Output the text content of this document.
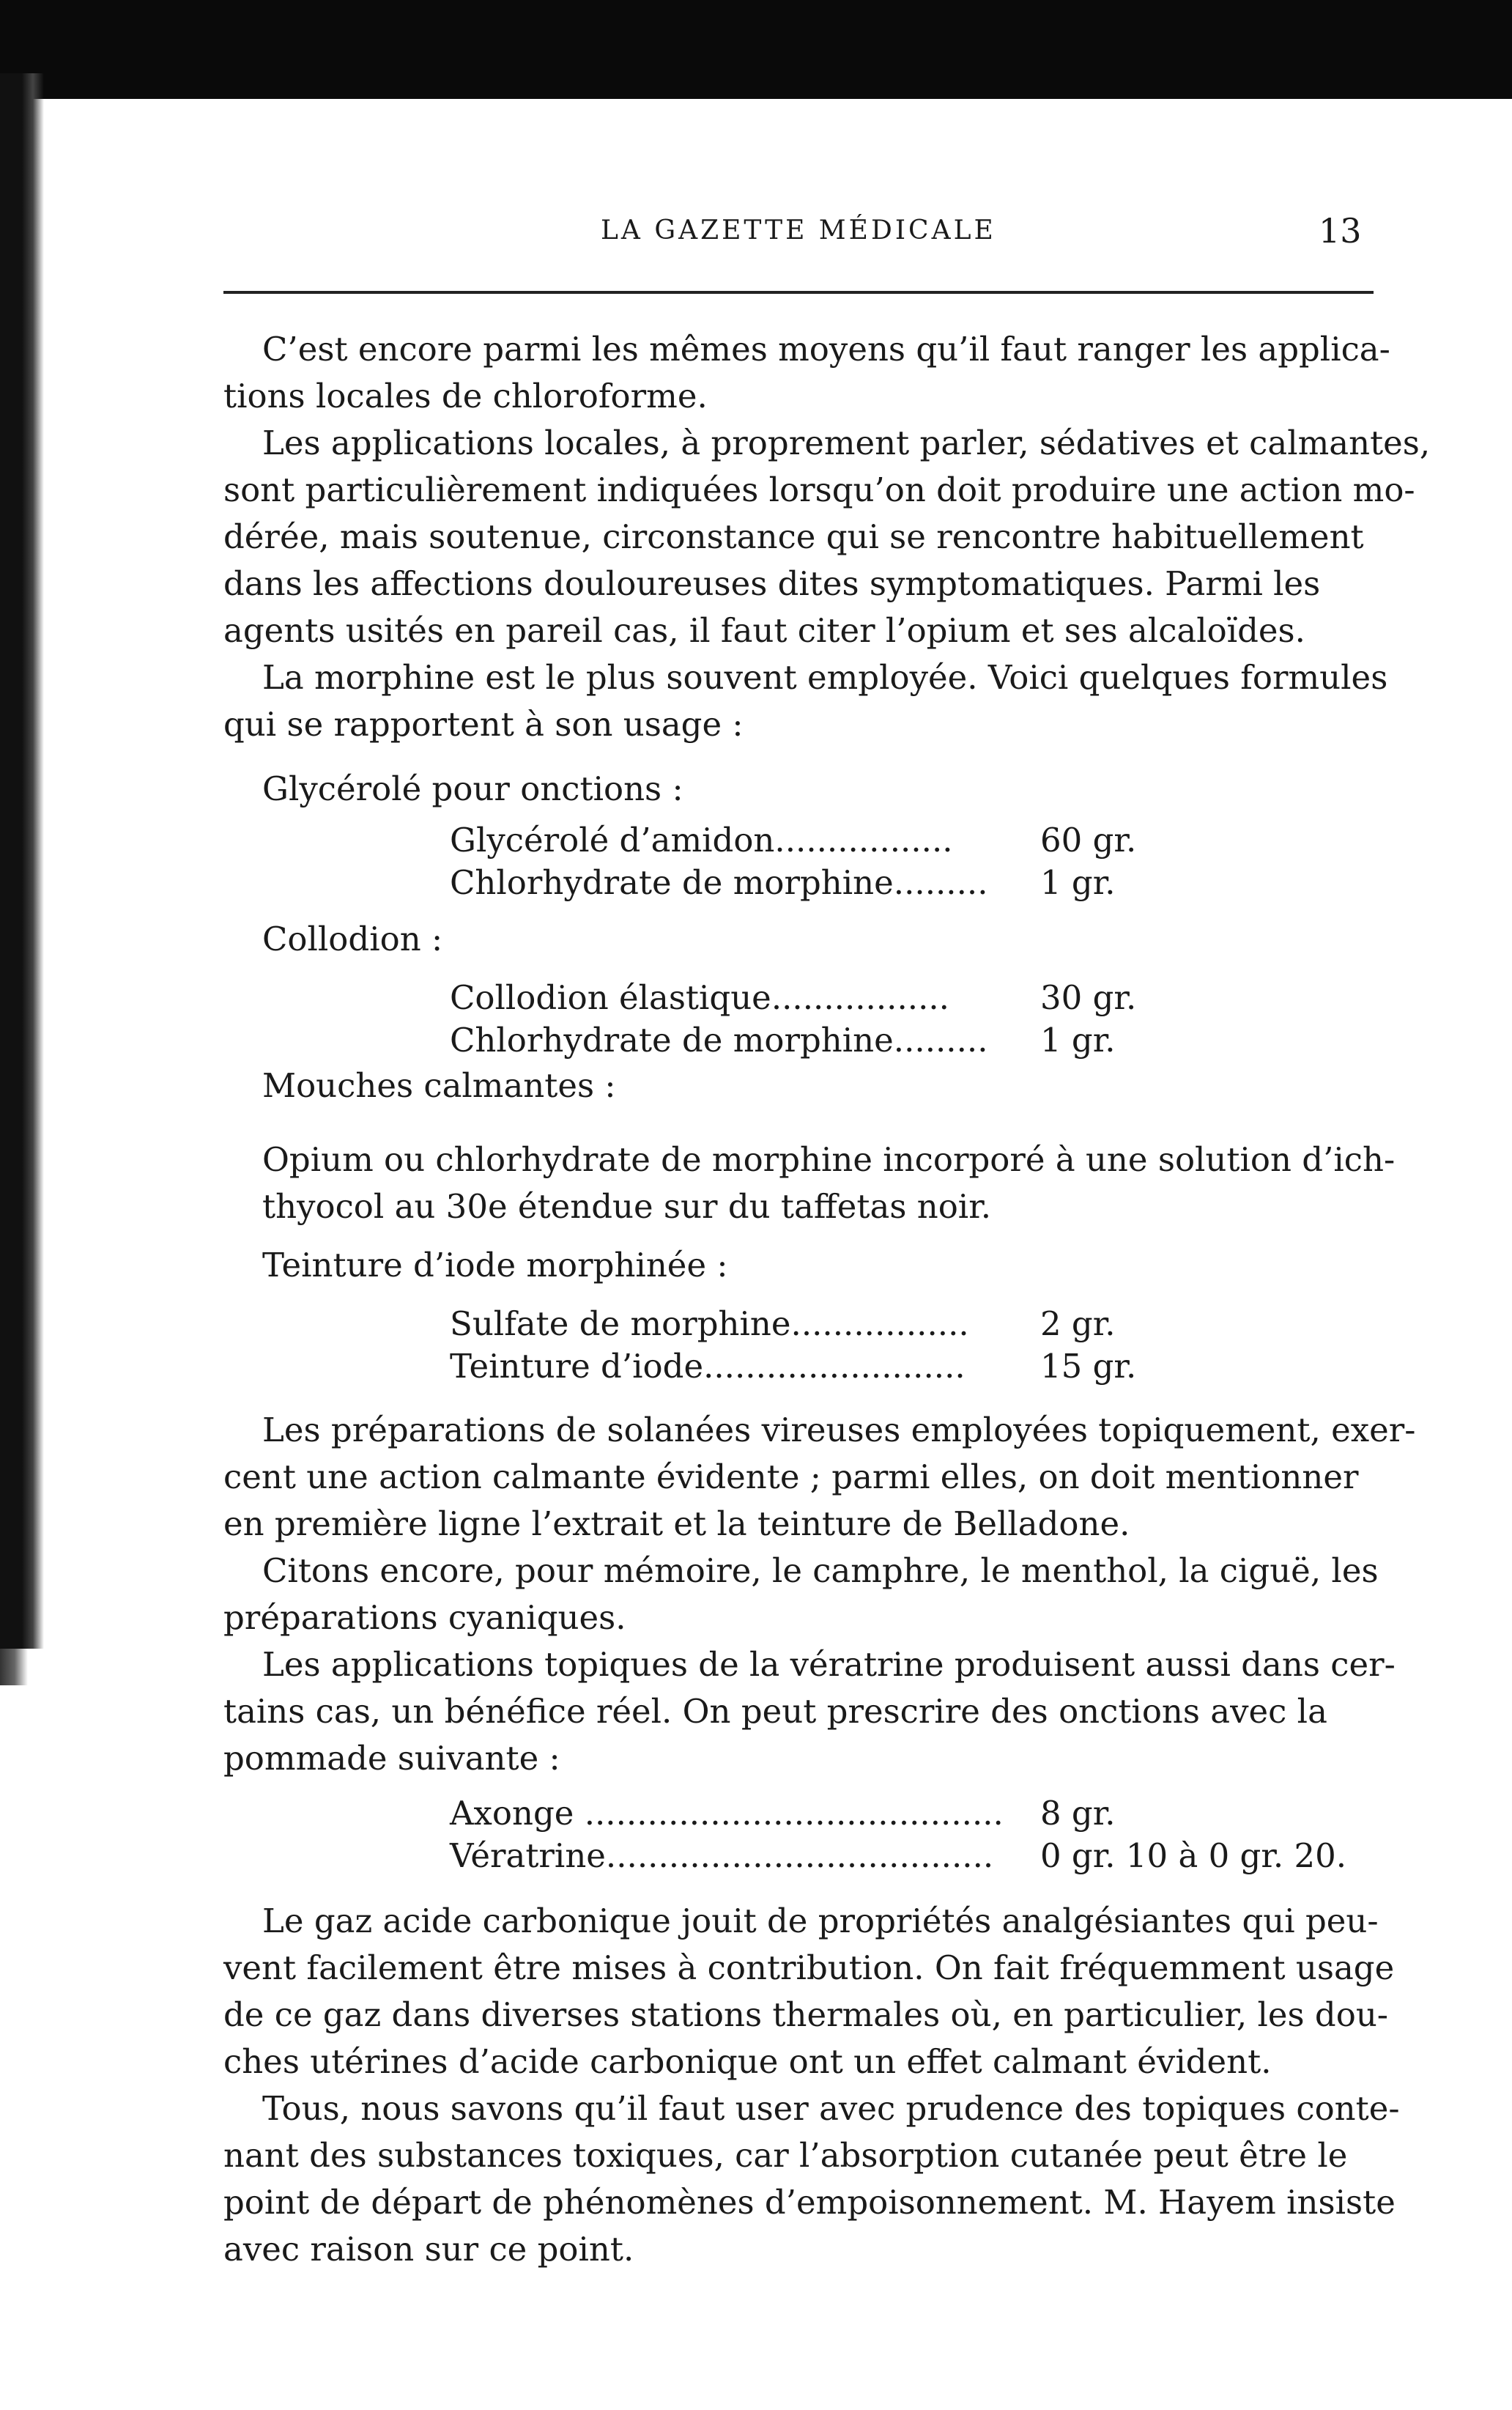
LA GAZETTE MÉDICALE	13
C’est encore parmi les mêmes moyens qu’il faut ranger les applica-
tions locales de chloroforme.
Les applications locales, à proprement parler, sédatives et calmantes,
sont particulièrement indiquées lorsqu’on doit produire une action mo-
dérée, mais soutenue, circonstance qui se rencontre habituellement
dans les affections douloureuses dites symptomatiques. Parmi les
agents usités en pareil cas, il faut citer l’opium et ses alcaloïdes.
La morphine est le plus souvent employée. Voici quelques formules
qui se rapportent à son usage :
Glycérolé pour onctions :
Glycérolé d’amidon.................	60 gr.
Chlorhydrate de morphine......... 1 gr.
Collodion :
Collodion élastique.................	30 gr.
Chlorhydrate de morphine......... 1 gr.
Mouches calmantes :
Opium ou chlorhydrate de morphine incorporé à une solution d’ich-
thyocol au 30e étendue sur du taffetas noir.
Teinture d’iode morphinée :
Sulfate de morphine................. 2 gr.
Teinture d’iode......................... 15 gr.
Les préparations de solanées vireuses employées topiquement, exer-
cent une action calmante évidente ; parmi elles, on doit mentionner
en première ligne l’extrait et la teinture de Belladone.
Citons encore, pour mémoire, le camphre, le menthol, la ciguë, les
préparations cyaniques.
Les applications topiques de la vératrine produisent aussi dans cer-
tains cas, un bénéfice réel. On peut prescrire des onctions avec la
pommade suivante :
Axonge ........................................ 8 gr.
Vératrine..................................... 0 gr. 10 à 0 gr. 20.
Le gaz acide carbonique jouit de propriétés analgésiantes qui peu-
vent facilement être mises à contribution. On fait fréquemment usage
de ce gaz dans diverses stations thermales où, en particulier, les dou-
ches utérines d’acide carbonique ont un effet calmant évident.
Tous, nous savons qu’il faut user avec prudence des topiques conte-
nant des substances toxiques, car l’absorption cutanée peut être le
point de départ de phénomènes d’empoisonnement. M. Hayem insiste
avec raison sur ce point.
